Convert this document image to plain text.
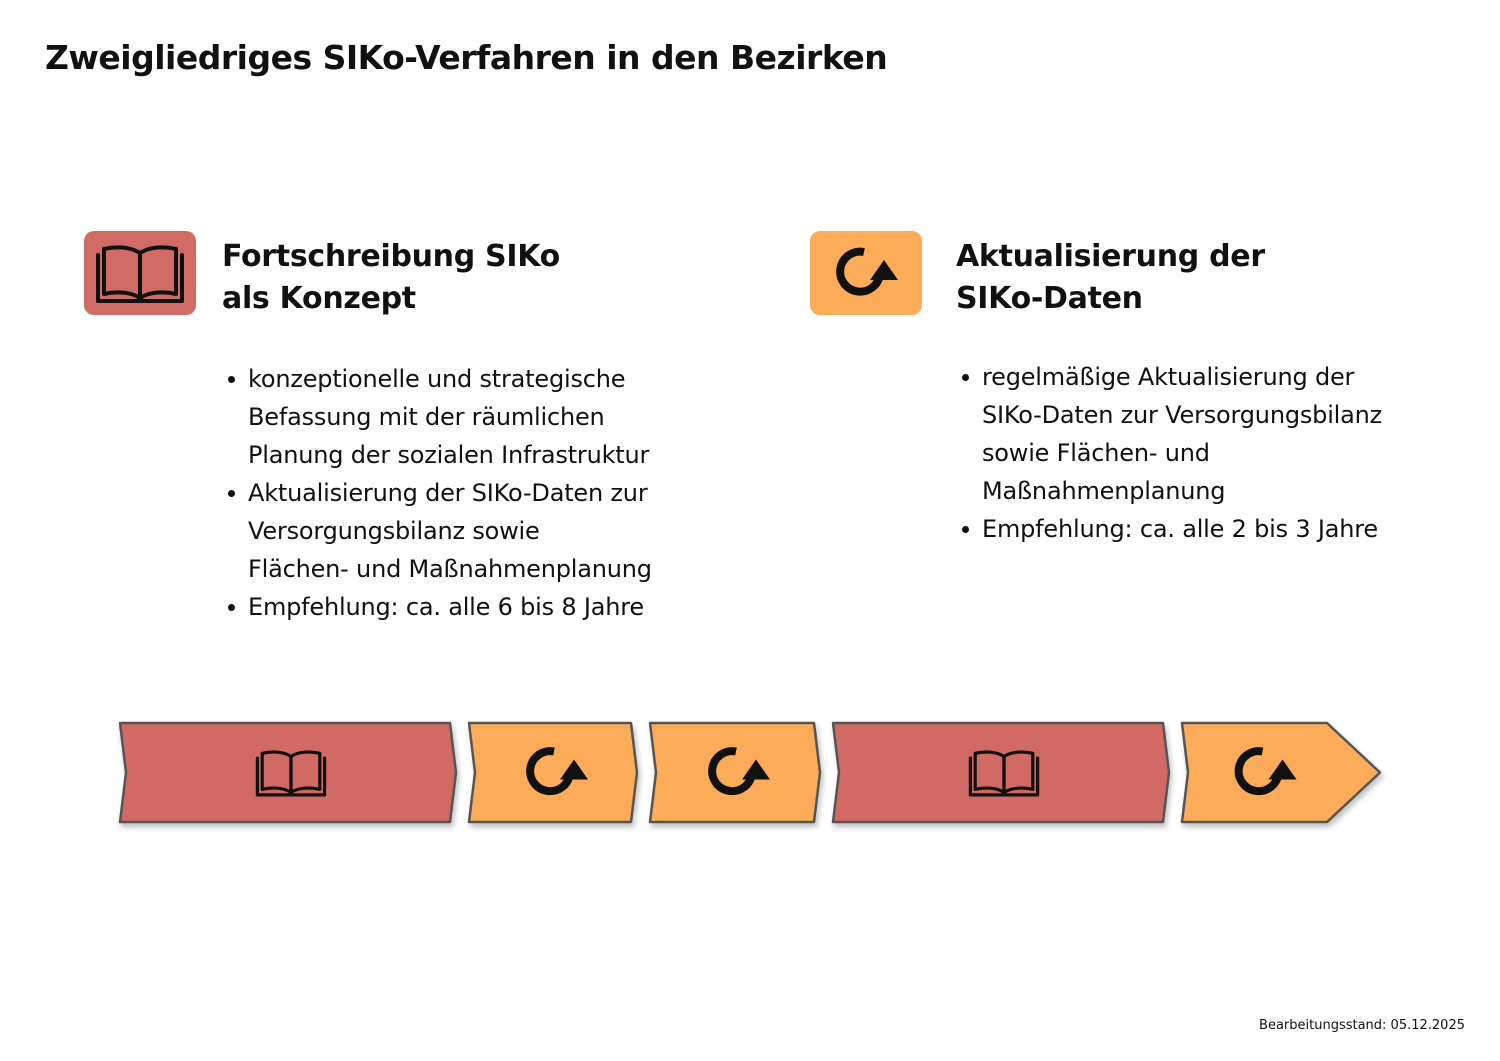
Zweigliedriges SIKo-Verfahren in den Bezirken
Fortschreibung SIKo
als Konzept
konzeptionelle und strategische
Befassung mit der räumlichen
Planung der sozialen Infrastruktur
Aktualisierung der SIKo-Daten zur
Versorgungsbilanz sowie
Flächen- und Maßnahmenplanung
Empfehlung: ca. alle 6 bis 8 Jahre
Aktualisierung der
SIKo-Daten
regelmäßige Aktualisierung der
SIKo-Daten zur Versorgungsbilanz
sowie Flächen- und
Maßnahmenplanung
Empfehlung: ca. alle 2 bis 3 Jahre
Bearbeitungsstand: 05.12.2025
